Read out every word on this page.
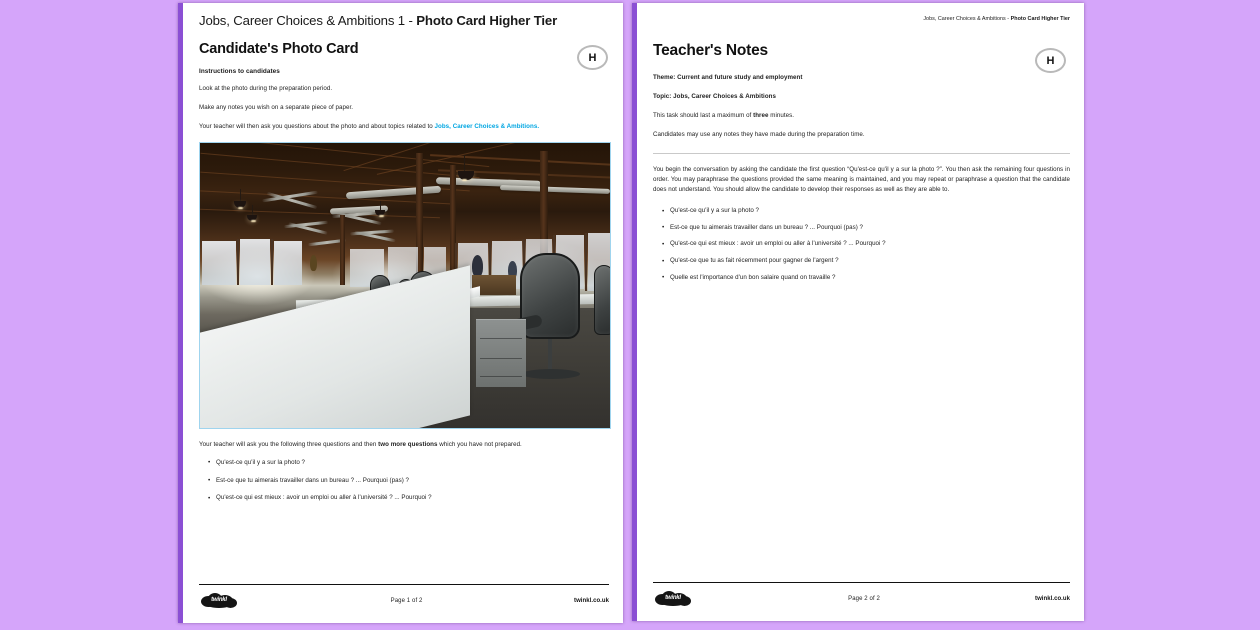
Jobs, Career Choices & Ambitions 1 - Photo Card Higher Tier
Candidate's Photo Card
H
Instructions to candidates
Look at the photo during the preparation period.
Make any notes you wish on a separate piece of paper.
Your teacher will then ask you questions about the photo and about topics related to Jobs, Career Choices & Ambitions.
Your teacher will ask you the following three questions and then two more questions which you have not prepared.
• Qu'est-ce qu'il y a sur la photo ?
• Est-ce que tu aimerais travailler dans un bureau ? ... Pourquoi (pas) ?
• Qu'est-ce qui est mieux : avoir un emploi ou aller à l'université ? ... Pourquoi ?
twinkl	Page 1 of 2	twinkl.co.uk
Jobs, Career Choices & Ambitions - Photo Card Higher Tier
Teacher's Notes
H
Theme: Current and future study and employment
Topic: Jobs, Career Choices & Ambitions
This task should last a maximum of three minutes.
Candidates may use any notes they have made during the preparation time.
You begin the conversation by asking the candidate the first question “Qu'est-ce qu'il y a sur la photo ?”. You then ask the remaining four questions in order. You may paraphrase the questions provided the same meaning is maintained, and you may repeat or paraphrase a question that the candidate does not understand. You should allow the candidate to develop their responses as well as they are able to.
• Qu'est-ce qu'il y a sur la photo ?
• Est-ce que tu aimerais travailler dans un bureau ? ... Pourquoi (pas) ?
• Qu'est-ce qui est mieux : avoir un emploi ou aller à l'université ? ... Pourquoi ?
• Qu'est-ce que tu as fait récemment pour gagner de l'argent ?
• Quelle est l'importance d'un bon salaire quand on travaille ?
twinkl	Page 2 of 2	twinkl.co.uk
